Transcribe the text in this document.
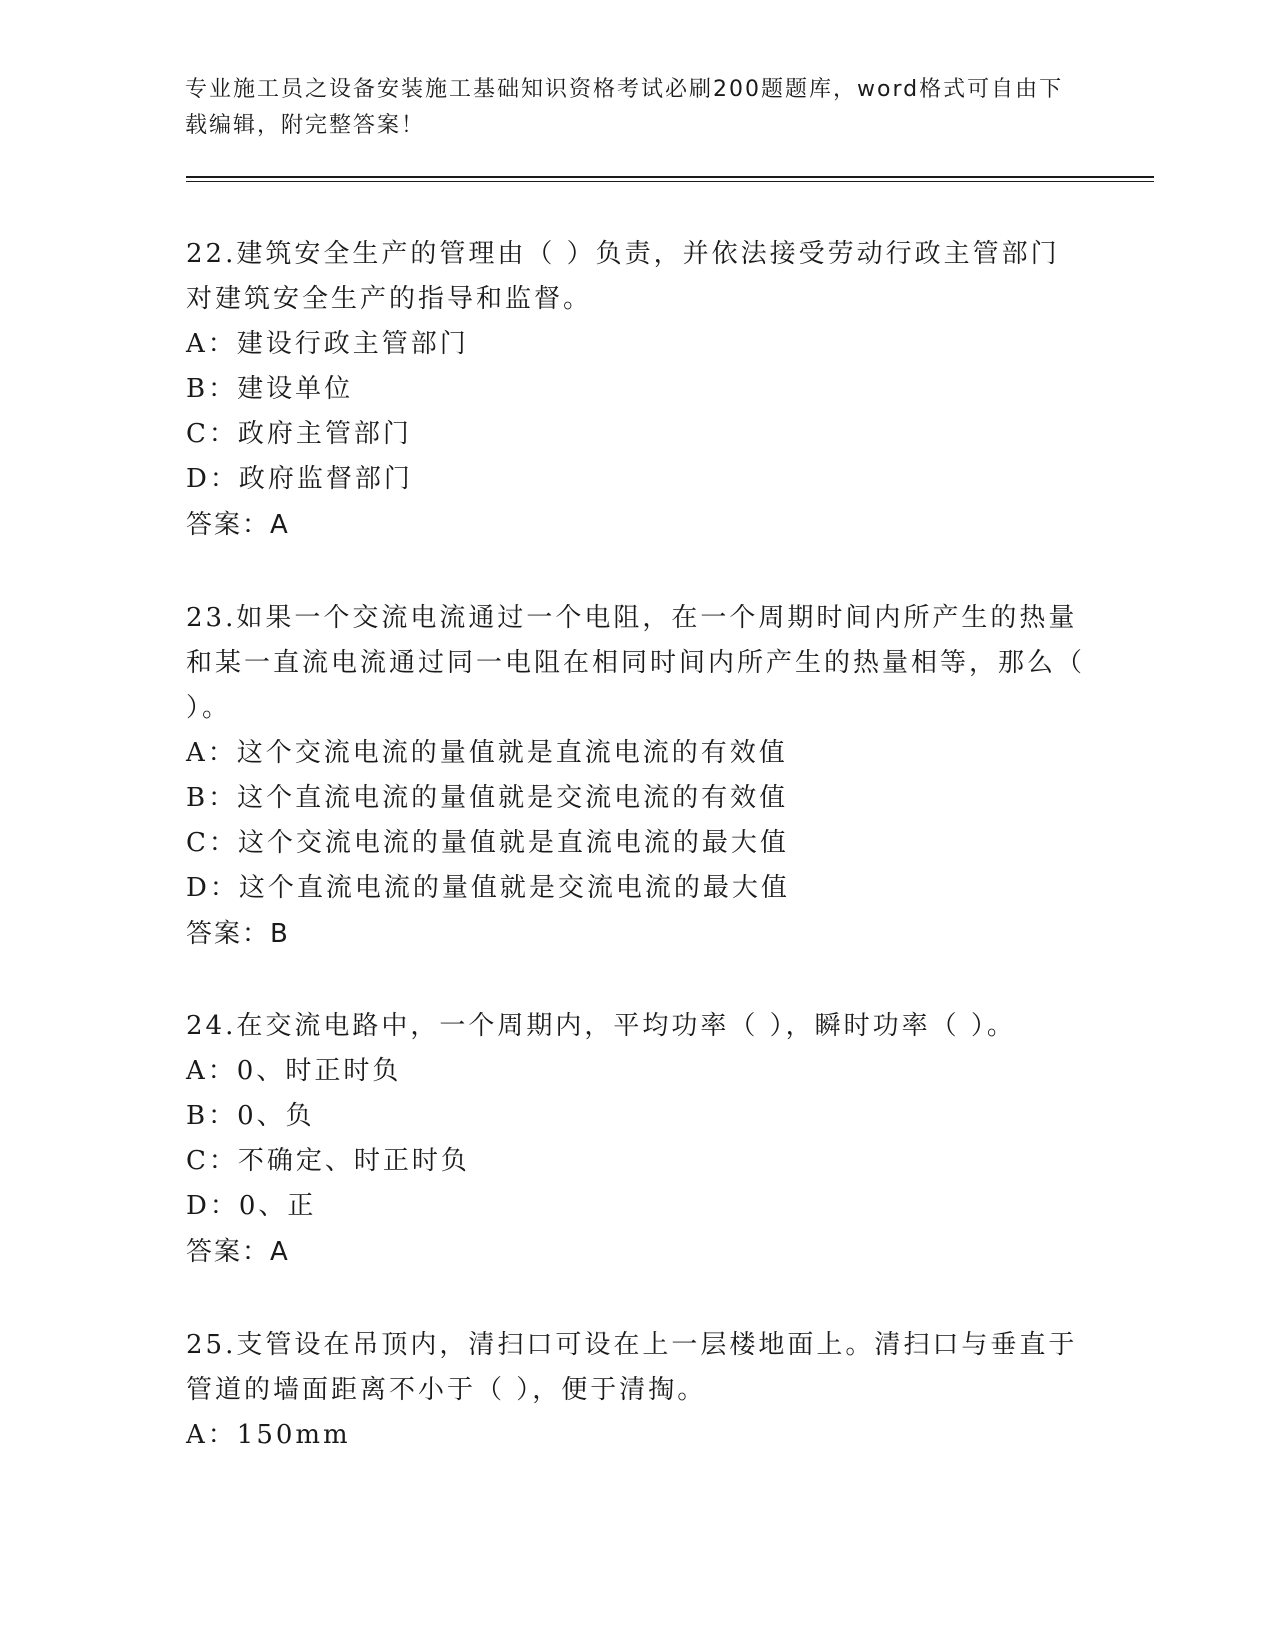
专业施工员之设备安装施工基础知识资格考试必刷200题题库，word格式可自由下载编辑，附完整答案！

22.建筑安全生产的管理由（ ）负责，并依法接受劳动行政主管部门对建筑安全生产的指导和监督。

A：建设行政主管部门

B：建设单位

C：政府主管部门

D：政府监督部门

答案：A

23.如果一个交流电流通过一个电阻，在一个周期时间内所产生的热量和某一直流电流通过同一电阻在相同时间内所产生的热量相等，那么（ ）。

A：这个交流电流的量值就是直流电流的有效值

B：这个直流电流的量值就是交流电流的有效值

C：这个交流电流的量值就是直流电流的最大值

D：这个直流电流的量值就是交流电流的最大值

答案：B

24.在交流电路中，一个周期内，平均功率（ ），瞬时功率（ ）。

A：0、时正时负

B：0、负

C：不确定、时正时负

D：0、正

答案：A

25.支管设在吊顶内，清扫口可设在上一层楼地面上。清扫口与垂直于管道的墙面距离不小于（ ），便于清掏。

A：150mm
